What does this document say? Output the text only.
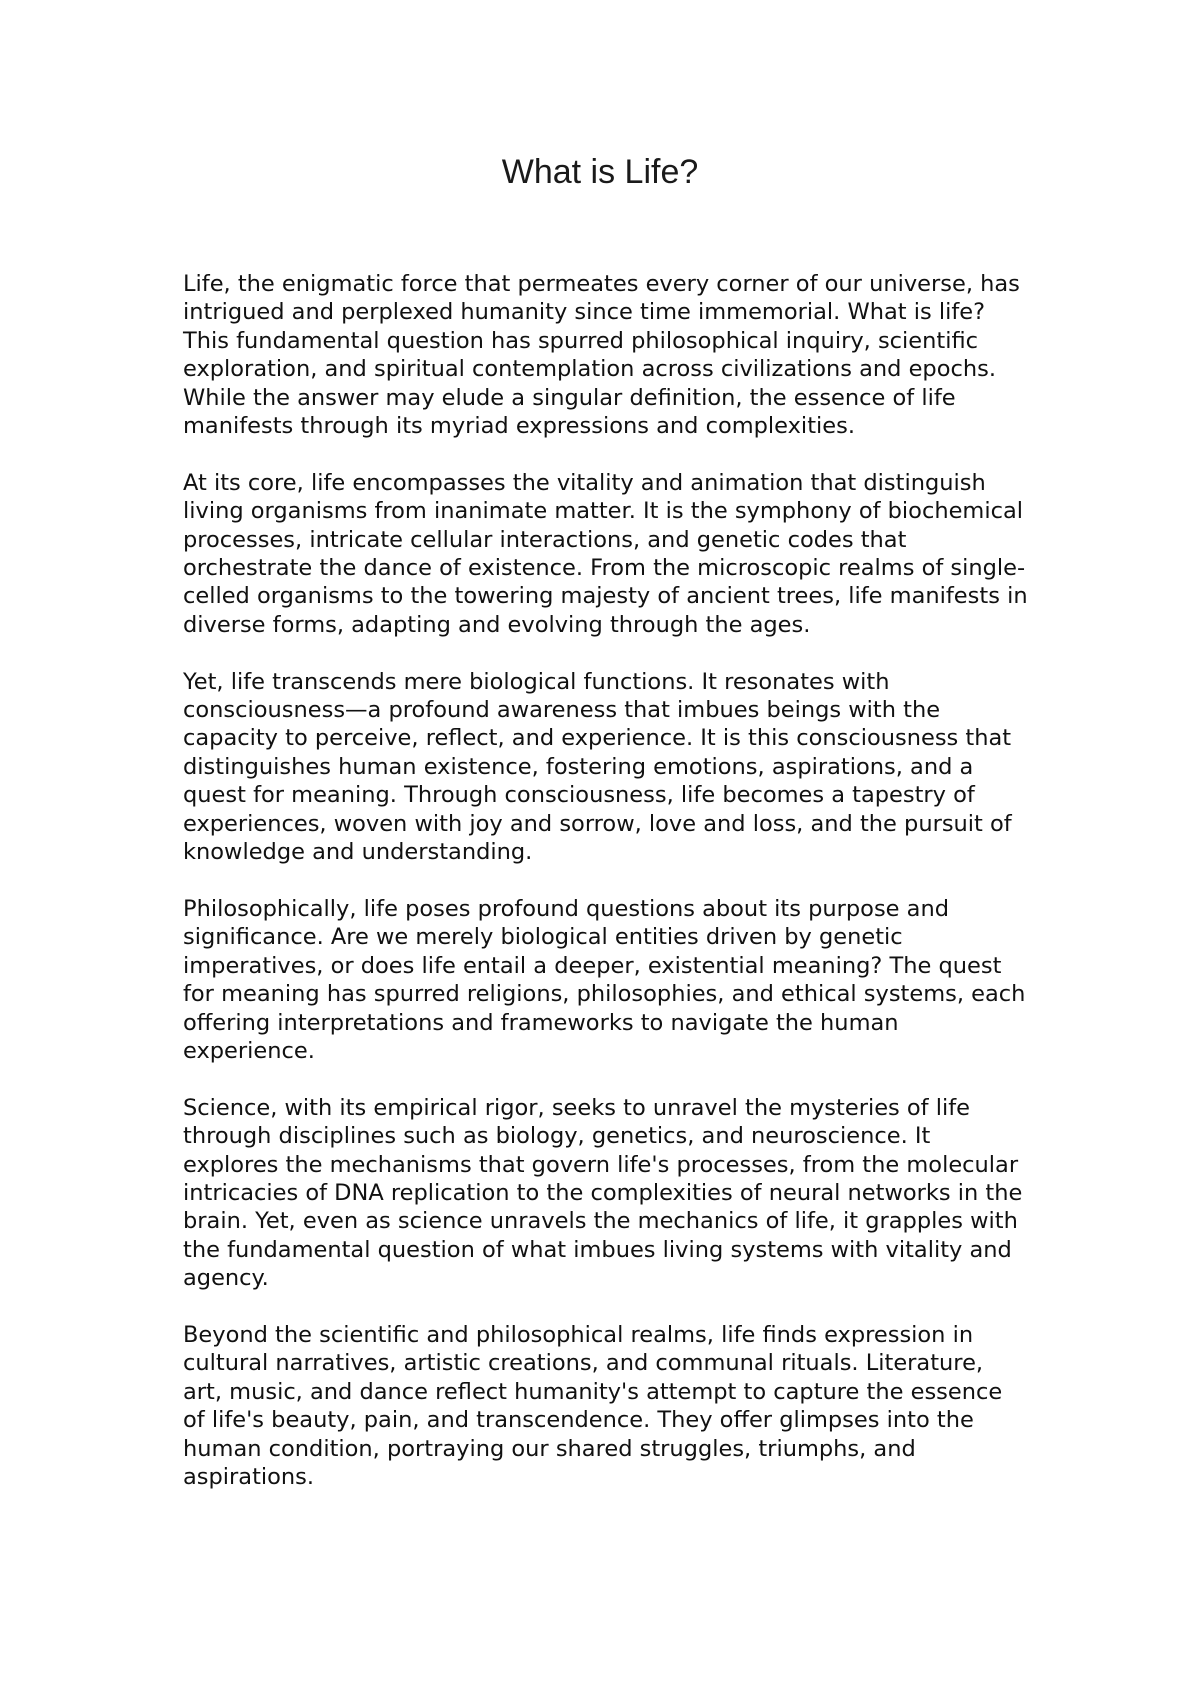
What is Life?

Life, the enigmatic force that permeates every corner of our universe, has intrigued and perplexed humanity since time immemorial. What is life? This fundamental question has spurred philosophical inquiry, scientific exploration, and spiritual contemplation across civilizations and epochs. While the answer may elude a singular definition, the essence of life manifests through its myriad expressions and complexities.

At its core, life encompasses the vitality and animation that distinguish living organisms from inanimate matter. It is the symphony of biochemical processes, intricate cellular interactions, and genetic codes that orchestrate the dance of existence. From the microscopic realms of single-celled organisms to the towering majesty of ancient trees, life manifests in diverse forms, adapting and evolving through the ages.

Yet, life transcends mere biological functions. It resonates with consciousness—a profound awareness that imbues beings with the capacity to perceive, reflect, and experience. It is this consciousness that distinguishes human existence, fostering emotions, aspirations, and a quest for meaning. Through consciousness, life becomes a tapestry of experiences, woven with joy and sorrow, love and loss, and the pursuit of knowledge and understanding.

Philosophically, life poses profound questions about its purpose and significance. Are we merely biological entities driven by genetic imperatives, or does life entail a deeper, existential meaning? The quest for meaning has spurred religions, philosophies, and ethical systems, each offering interpretations and frameworks to navigate the human experience.

Science, with its empirical rigor, seeks to unravel the mysteries of life through disciplines such as biology, genetics, and neuroscience. It explores the mechanisms that govern life's processes, from the molecular intricacies of DNA replication to the complexities of neural networks in the brain. Yet, even as science unravels the mechanics of life, it grapples with the fundamental question of what imbues living systems with vitality and agency.

Beyond the scientific and philosophical realms, life finds expression in cultural narratives, artistic creations, and communal rituals. Literature, art, music, and dance reflect humanity's attempt to capture the essence of life's beauty, pain, and transcendence. They offer glimpses into the human condition, portraying our shared struggles, triumphs, and aspirations.
